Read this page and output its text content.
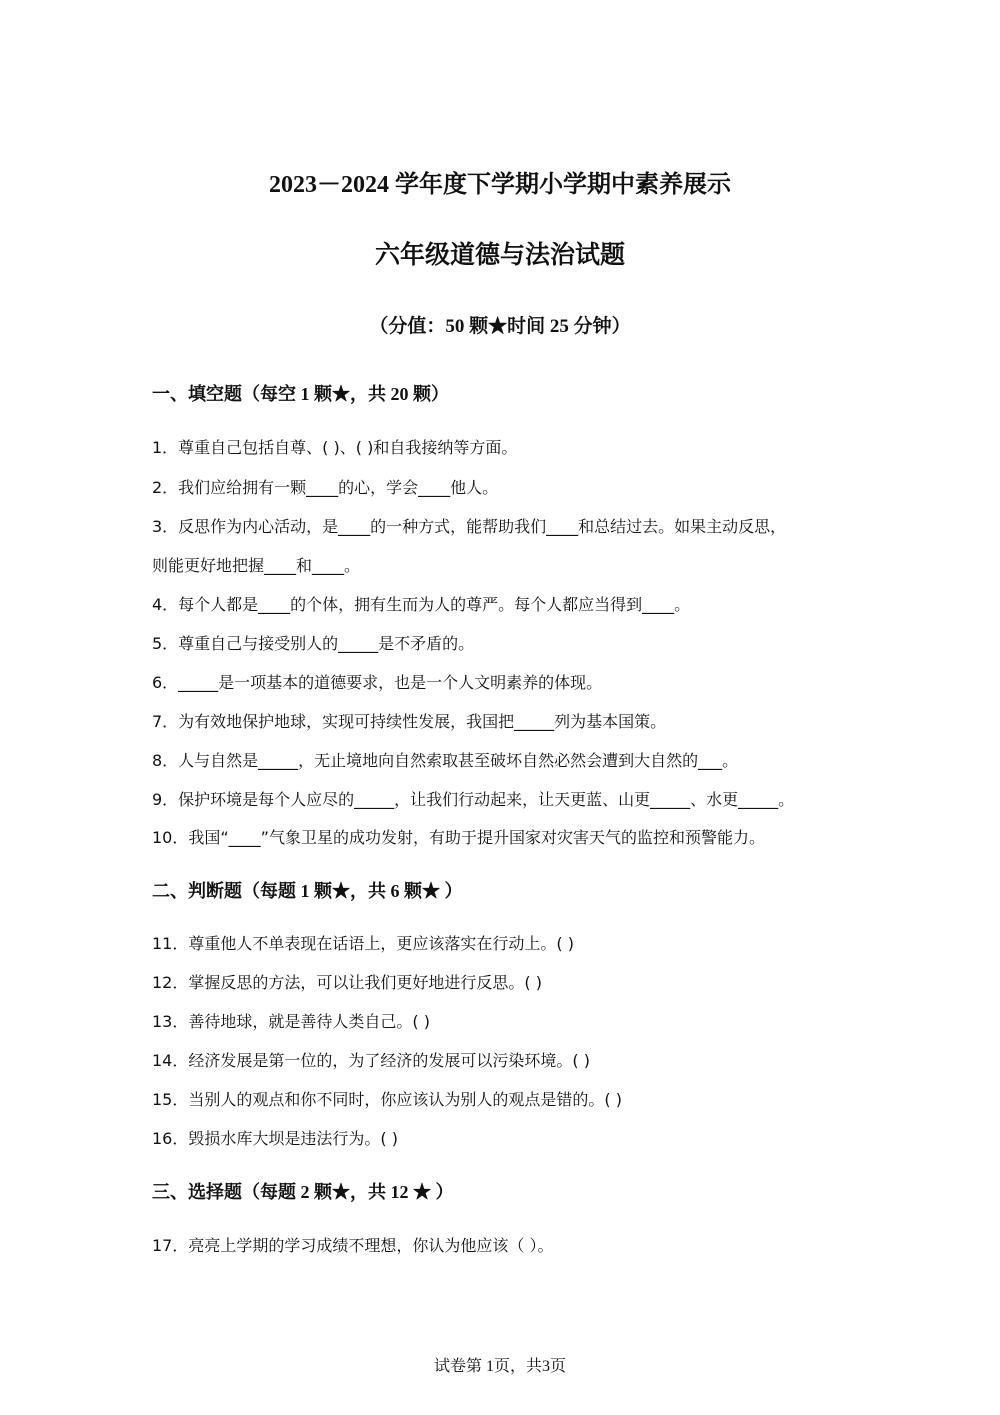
2023－2024 学年度下学期小学期中素养展示
六年级道德与法治试题
（分值：50 颗★时间 25 分钟）
一、填空题（每空 1 颗★，共 20 颗）
1．尊重自己包括自尊、( )、( )和自我接纳等方面。
2．我们应给拥有一颗____的心，学会____他人。
3．反思作为内心活动，是____的一种方式，能帮助我们____和总结过去。如果主动反思，
则能更好地把握____和____。
4．每个人都是____的个体，拥有生而为人的尊严。每个人都应当得到____。
5．尊重自己与接受别人的_____是不矛盾的。
6．_____是一项基本的道德要求，也是一个人文明素养的体现。
7．为有效地保护地球，实现可持续性发展，我国把_____列为基本国策。
8．人与自然是_____，无止境地向自然索取甚至破坏自然必然会遭到大自然的___。
9．保护环境是每个人应尽的_____，让我们行动起来，让天更蓝、山更_____、水更_____。
10．我国“____”气象卫星的成功发射，有助于提升国家对灾害天气的监控和预警能力。
二、判断题（每题 1 颗★，共 6 颗★ ）
11．尊重他人不单表现在话语上，更应该落实在行动上。( )
12．掌握反思的方法，可以让我们更好地进行反思。( )
13．善待地球，就是善待人类自己。( )
14．经济发展是第一位的，为了经济的发展可以污染环境。( )
15．当别人的观点和你不同时，你应该认为别人的观点是错的。( )
16．毁损水库大坝是违法行为。( )
三、选择题（每题 2 颗★，共 12 ★ ）
17．亮亮上学期的学习成绩不理想，你认为他应该（ ）。
试卷第 1页，共3页
